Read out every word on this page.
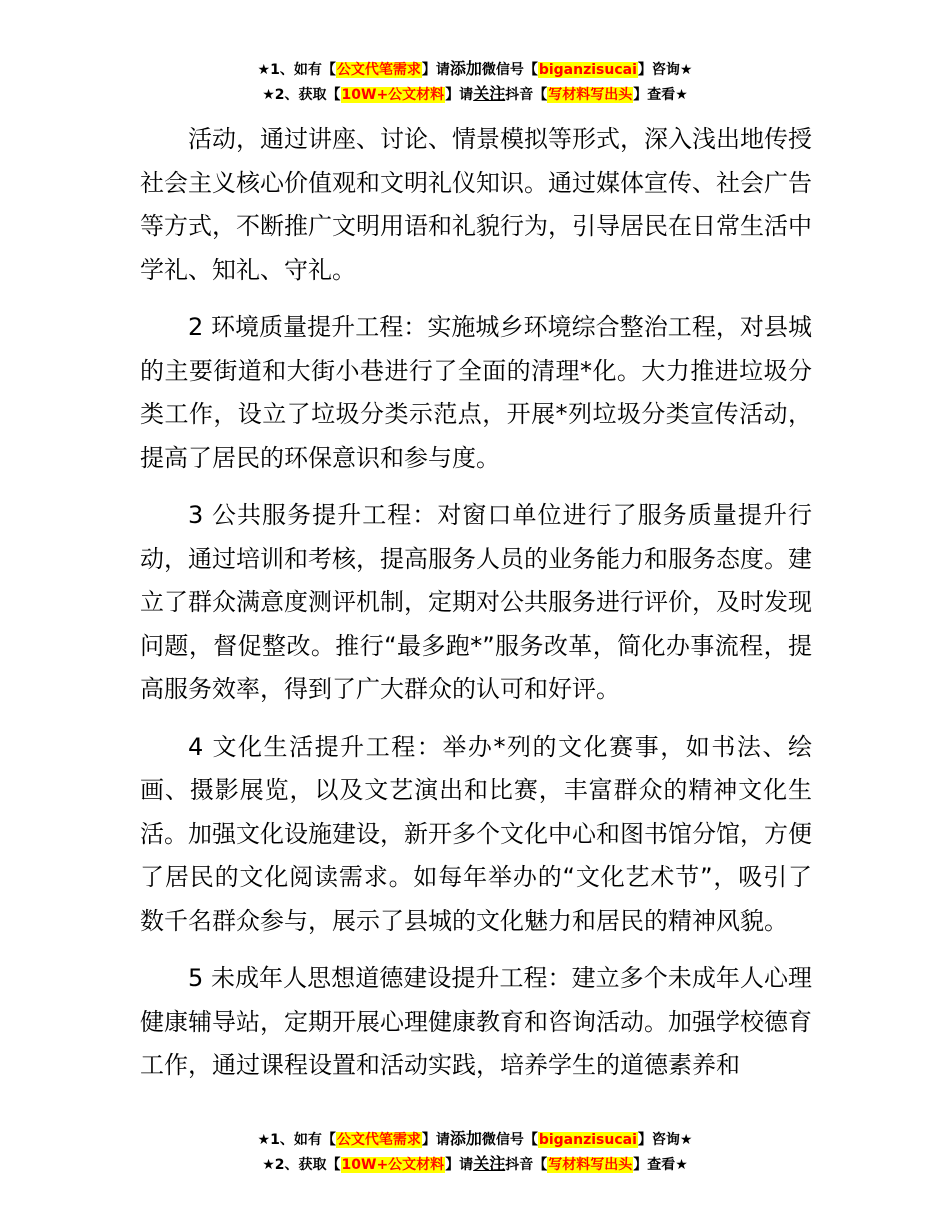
★1、如有【公文代笔需求】请添加微信号【biganzisucai】咨询★
★2、获取【10W+公文材料】请关注抖音【写材料写出头】查看★

活动，通过讲座、讨论、情景模拟等形式，深入浅出地传授社会主义核心价值观和文明礼仪知识。通过媒体宣传、社会广告等方式，不断推广文明用语和礼貌行为，引导居民在日常生活中学礼、知礼、守礼。

2 环境质量提升工程：实施城乡环境综合整治工程，对县城的主要街道和大街小巷进行了全面的清理*化。大力推进垃圾分类工作，设立了垃圾分类示范点，开展*列垃圾分类宣传活动，提高了居民的环保意识和参与度。

3 公共服务提升工程：对窗口单位进行了服务质量提升行动，通过培训和考核，提高服务人员的业务能力和服务态度。建立了群众满意度测评机制，定期对公共服务进行评价，及时发现问题，督促整改。推行“最多跑*”服务改革，简化办事流程，提高服务效率，得到了广大群众的认可和好评。

4 文化生活提升工程：举办*列的文化赛事，如书法、绘画、摄影展览，以及文艺演出和比赛，丰富群众的精神文化生活。加强文化设施建设，新开多个文化中心和图书馆分馆，方便了居民的文化阅读需求。如每年举办的“文化艺术节”，吸引了数千名群众参与，展示了县城的文化魅力和居民的精神风貌。

5 未成年人思想道德建设提升工程：建立多个未成年人心理健康辅导站，定期开展心理健康教育和咨询活动。加强学校德育工作，通过课程设置和活动实践，培养学生的道德素养和

★1、如有【公文代笔需求】请添加微信号【biganzisucai】咨询★
★2、获取【10W+公文材料】请关注抖音【写材料写出头】查看★
